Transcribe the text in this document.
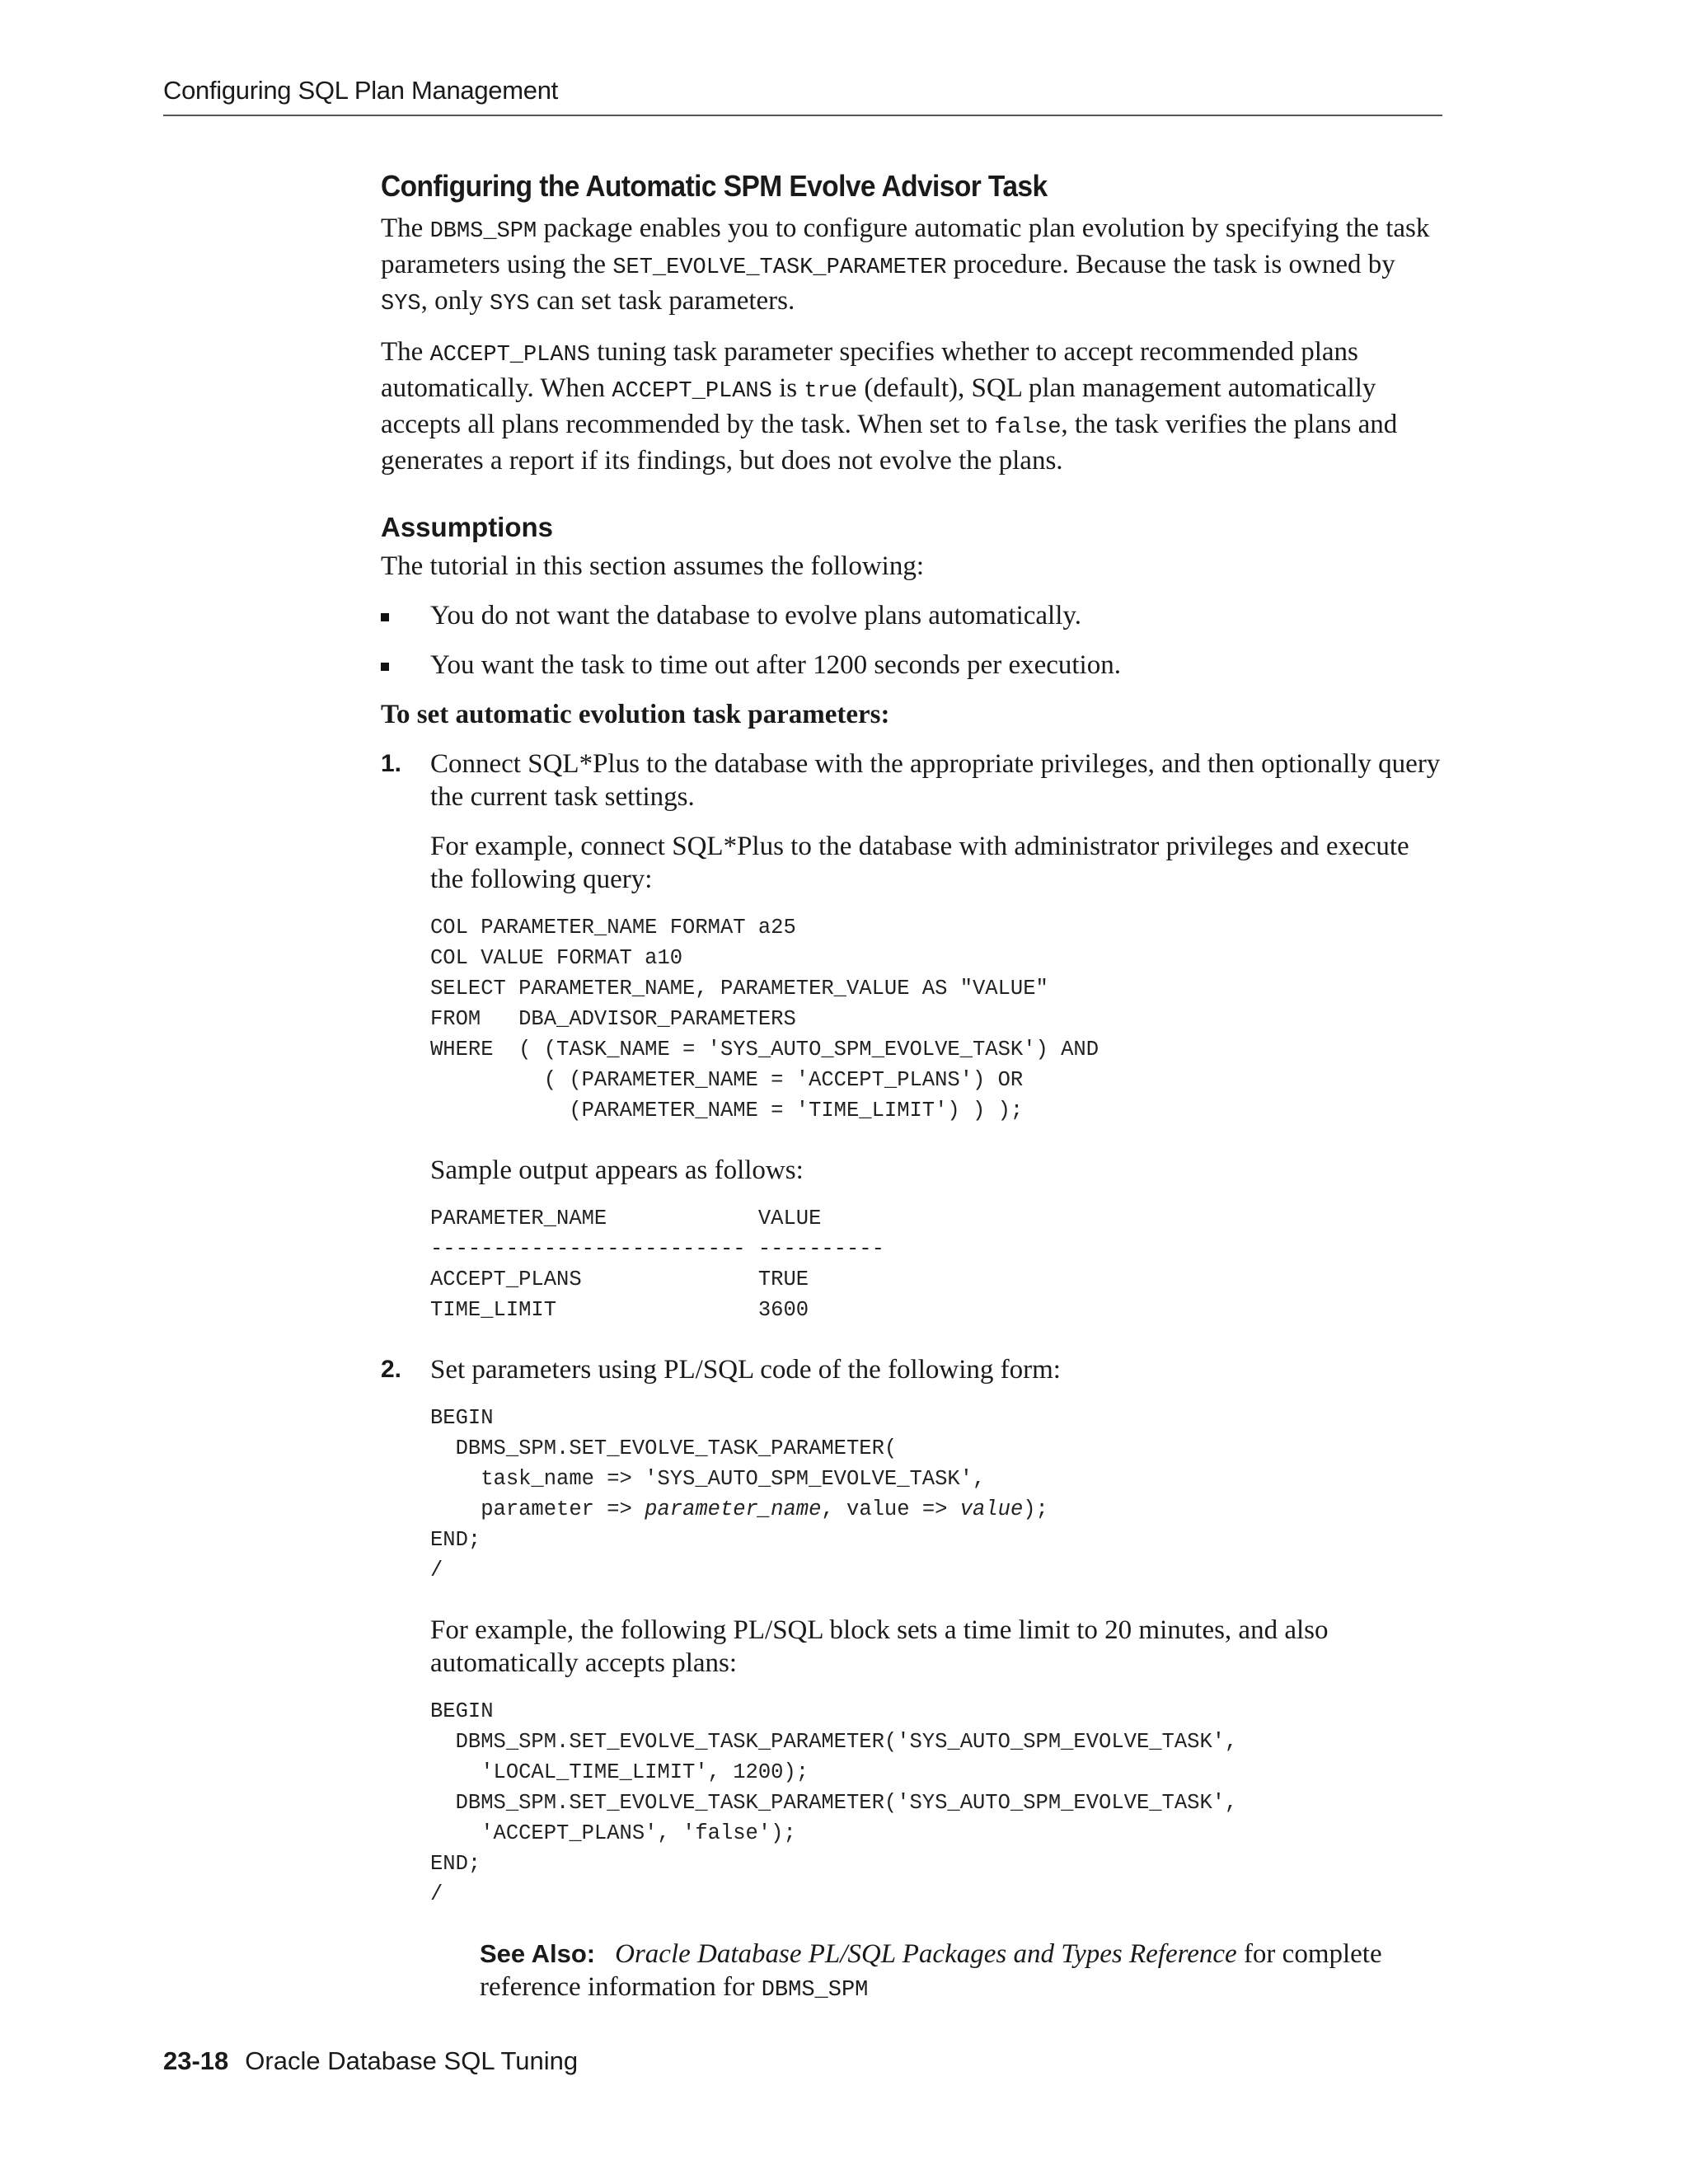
Configuring SQL Plan Management
Configuring the Automatic SPM Evolve Advisor Task

The DBMS_SPM package enables you to configure automatic plan evolution by specifying the task parameters using the SET_EVOLVE_TASK_PARAMETER procedure. Because the task is owned by SYS, only SYS can set task parameters.

The ACCEPT_PLANS tuning task parameter specifies whether to accept recommended plans automatically. When ACCEPT_PLANS is true (default), SQL plan management automatically accepts all plans recommended by the task. When set to false, the task verifies the plans and generates a report if its findings, but does not evolve the plans.

Assumptions

The tutorial in this section assumes the following:

You do not want the database to evolve plans automatically.
You want the task to time out after 1200 seconds per execution.
To set automatic evolution task parameters:
1. Connect SQL*Plus to the database with the appropriate privileges, and then optionally query the current task settings.

For example, connect SQL*Plus to the database with administrator privileges and execute the following query:

COL PARAMETER_NAME FORMAT a25
COL VALUE FORMAT a10
SELECT PARAMETER_NAME, PARAMETER_VALUE AS "VALUE"
FROM   DBA_ADVISOR_PARAMETERS
WHERE  ( (TASK_NAME = 'SYS_AUTO_SPM_EVOLVE_TASK') AND
( (PARAMETER_NAME = 'ACCEPT_PLANS') OR
(PARAMETER_NAME = 'TIME_LIMIT') ) );

Sample output appears as follows:

PARAMETER_NAME            VALUE
------------------------- ----------
ACCEPT_PLANS              TRUE
TIME_LIMIT                3600
2. Set parameters using PL/SQL code of the following form:

BEGIN
DBMS_SPM.SET_EVOLVE_TASK_PARAMETER(
task_name => 'SYS_AUTO_SPM_EVOLVE_TASK',
parameter => parameter_name, value => value);
END;
/

For example, the following PL/SQL block sets a time limit to 20 minutes, and also automatically accepts plans:

BEGIN
DBMS_SPM.SET_EVOLVE_TASK_PARAMETER('SYS_AUTO_SPM_EVOLVE_TASK',
'LOCAL_TIME_LIMIT', 1200);
DBMS_SPM.SET_EVOLVE_TASK_PARAMETER('SYS_AUTO_SPM_EVOLVE_TASK',
'ACCEPT_PLANS', 'false');
END;
/
See Also: Oracle Database PL/SQL Packages and Types Reference for complete reference information for DBMS_SPM
23-18 Oracle Database SQL Tuning
